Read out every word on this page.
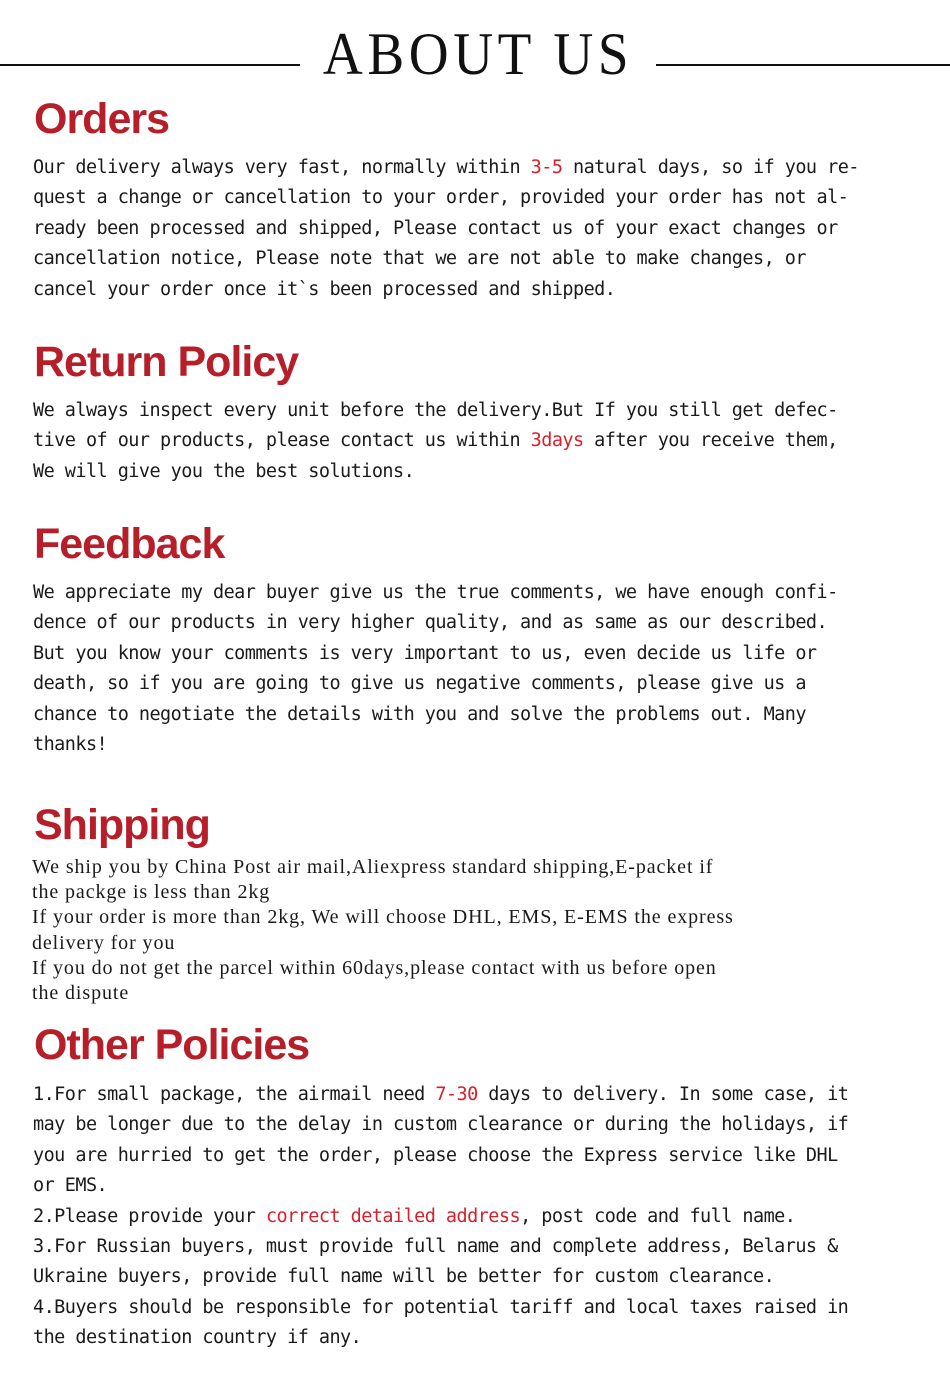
ABOUT US
Orders
Our delivery always very fast, normally within 3-5 natural days, so if you re-
quest a change or cancellation to your order, provided your order has not al-
ready been processed and shipped, Please contact us of your exact changes or
cancellation notice, Please note that we are not able to make changes, or
cancel your order once it`s been processed and shipped.
Return Policy
We always inspect every unit before the delivery.But If you still get defec-
tive of our products, please contact us within 3days after you receive them,
We will give you the best solutions.
Feedback
We appreciate my dear buyer give us the true comments, we have enough confi-
dence of our products in very higher quality, and as same as our described.
But you know your comments is very important to us, even decide us life or
death, so if you are going to give us negative comments, please give us a
chance to negotiate the details with you and solve the problems out. Many
thanks!
Shipping
We ship you by China Post air mail,Aliexpress standard shipping,E-packet if
the packge is less than 2kg
If your order is more than 2kg, We will choose DHL, EMS, E-EMS the express
delivery for you
If you do not get the parcel within 60days,please contact with us before open
the dispute
Other Policies
1.For small package, the airmail need 7-30 days to delivery. In some case, it
may be longer due to the delay in custom clearance or during the holidays, if
you are hurried to get the order, please choose the Express service like DHL
or EMS.
2.Please provide your correct detailed address, post code and full name.
3.For Russian buyers, must provide full name and complete address, Belarus &
Ukraine buyers, provide full name will be better for custom clearance.
4.Buyers should be responsible for potential tariff and local taxes raised in
the destination country if any.
